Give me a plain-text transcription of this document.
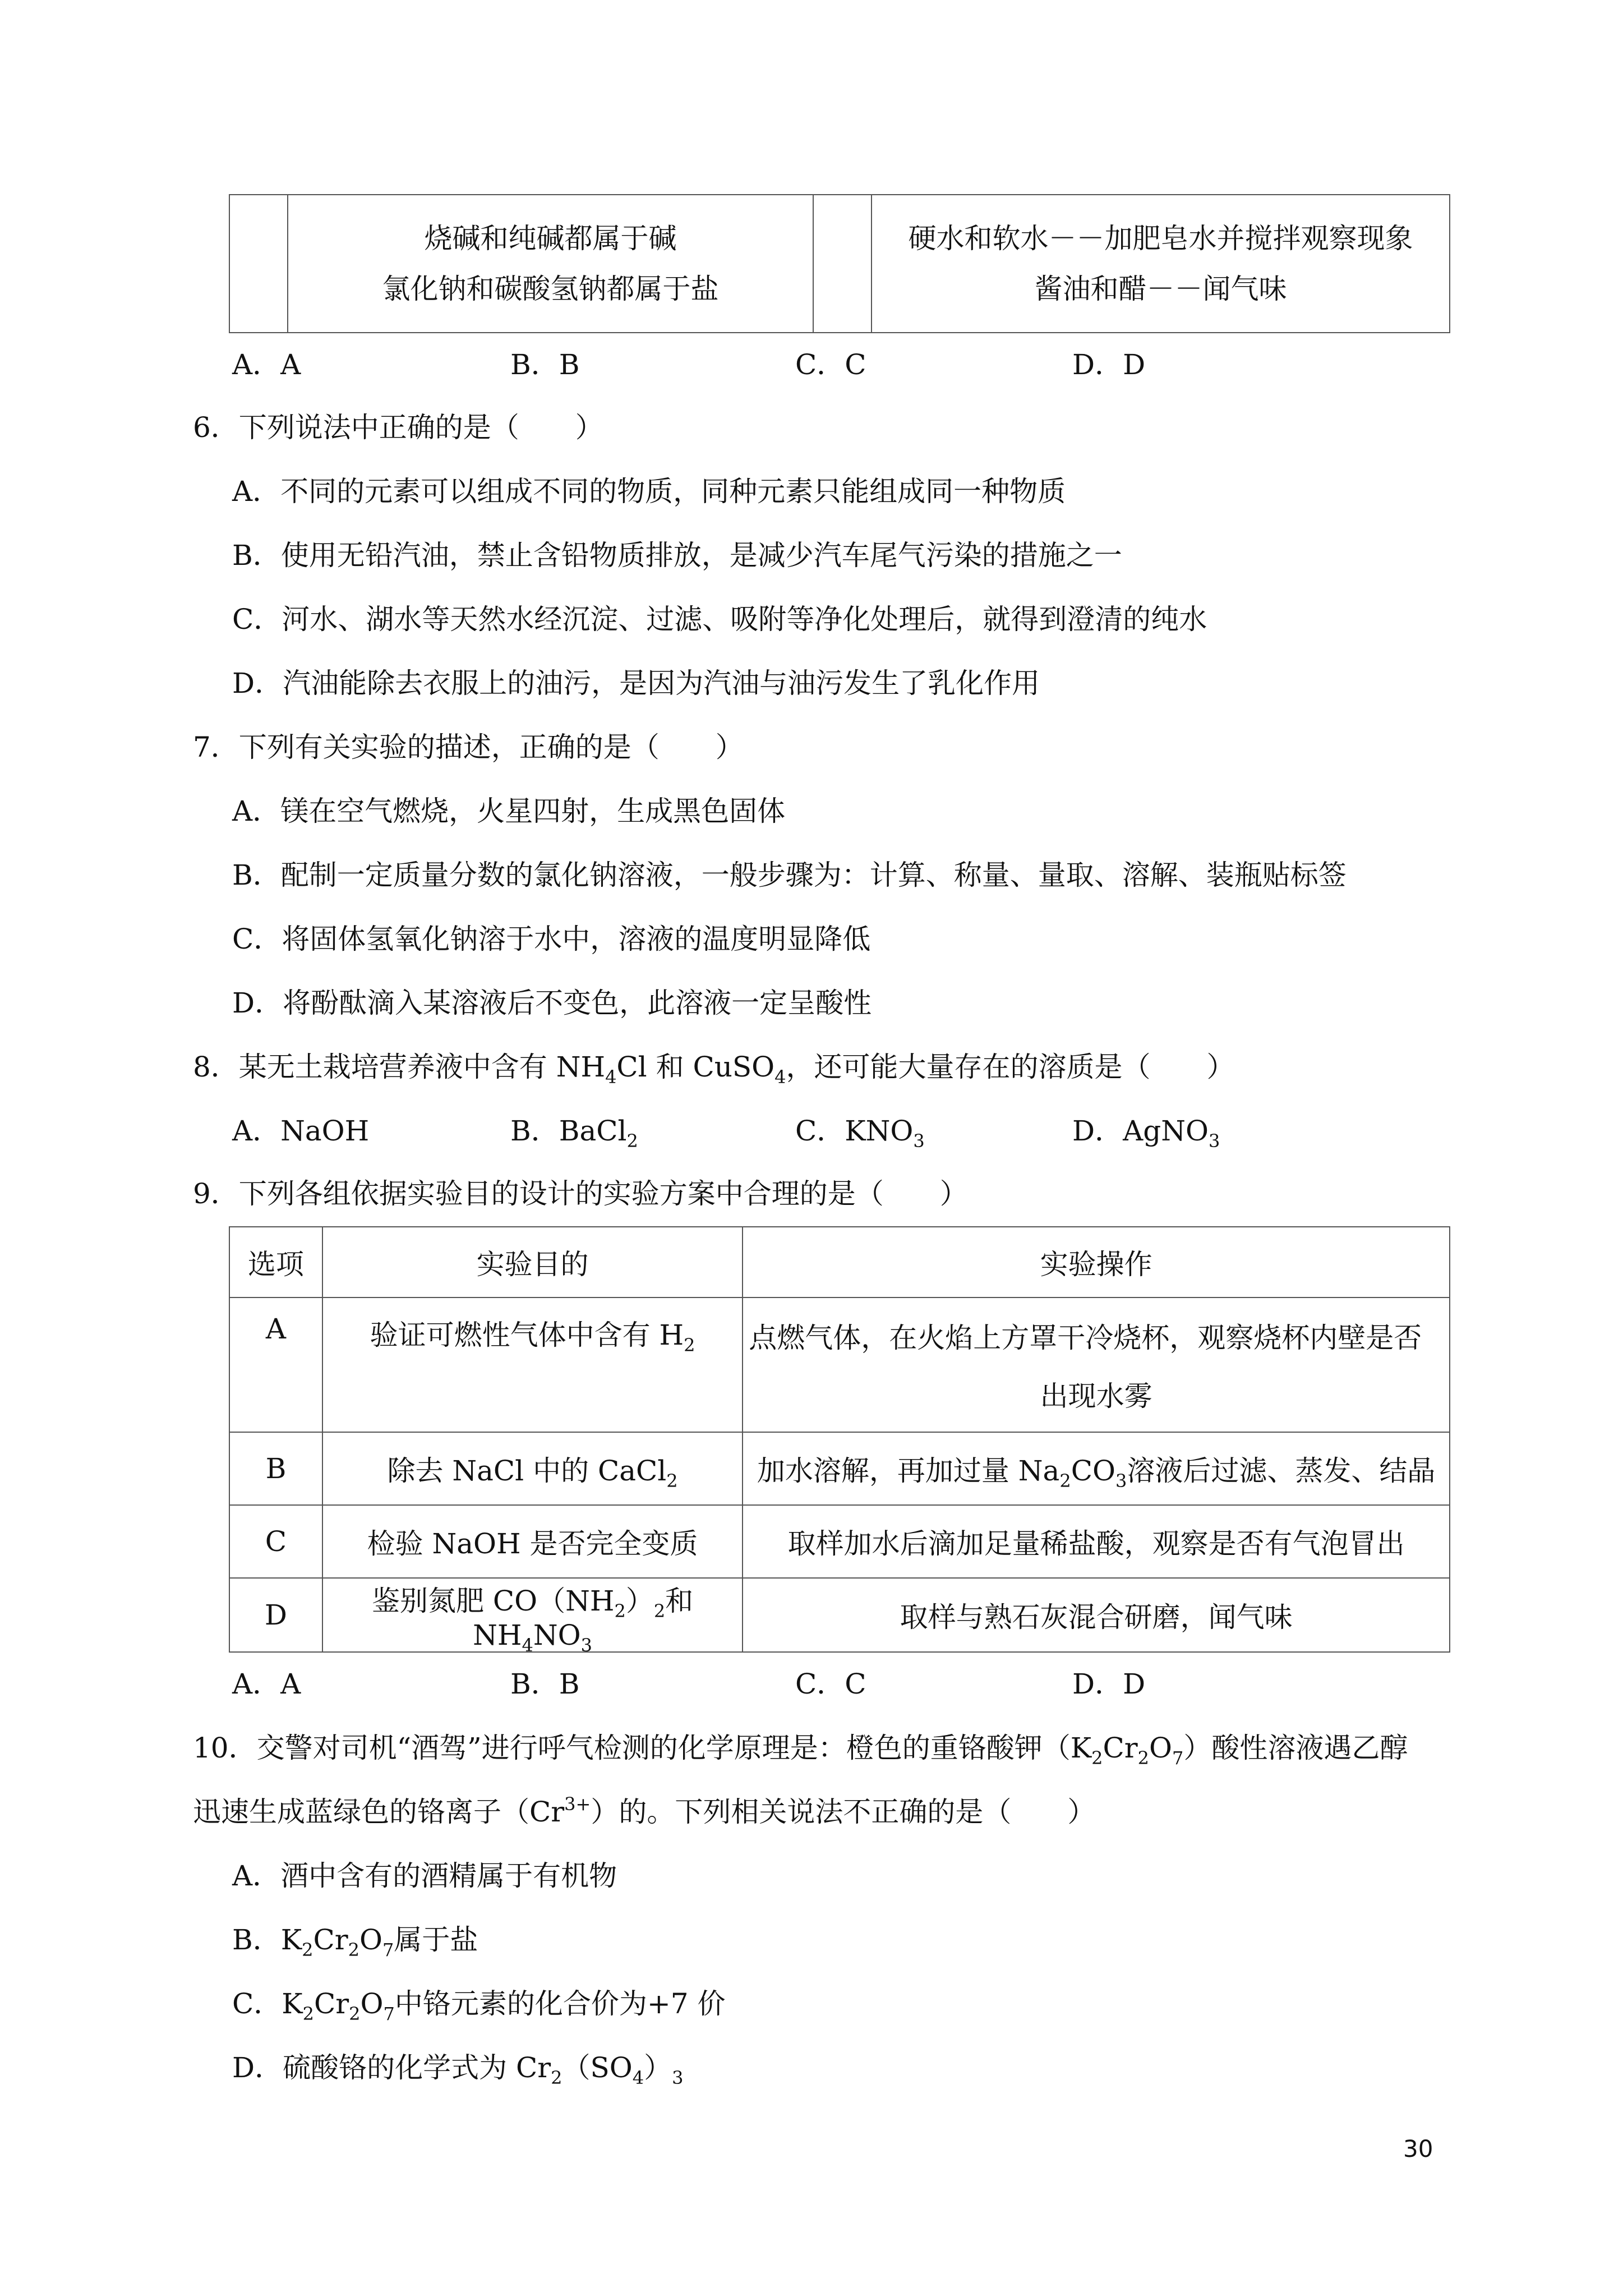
烧碱和纯碱都属于碱
氯化钠和碳酸氢钠都属于盐

硬水和软水－－加肥皂水并搅拌观察现象
酱油和醋－－闻气味
A．A	B．B	C．C	D．D
6．下列说法中正确的是（　　）
A．不同的元素可以组成不同的物质，同种元素只能组成同一种物质
B．使用无铅汽油，禁止含铅物质排放，是减少汽车尾气污染的措施之一
C．河水、湖水等天然水经沉淀、过滤、吸附等净化处理后，就得到澄清的纯水
D．汽油能除去衣服上的油污，是因为汽油与油污发生了乳化作用
7．下列有关实验的描述，正确的是（　　）
A．镁在空气燃烧，火星四射，生成黑色固体
B．配制一定质量分数的氯化钠溶液，一般步骤为：计算、称量、量取、溶解、装瓶贴标签
C．将固体氢氧化钠溶于水中，溶液的温度明显降低
D．将酚酞滴入某溶液后不变色，此溶液一定呈酸性
8．某无土栽培营养液中含有 $NH_4Cl$ 和 CuSO$_4$，还可能大量存在的溶质是（　　）
A．NaOH	B．BaCl$_2$	C．$KNO_3$	D．AgNO$_3$
9．下列各组依据实验目的设计的实验方案中合理的是（　　）
选项	实验目的	实验操作
A	验证可燃性气体中含有 $H_2$	点燃气体，在火焰上方罩干冷烧杯，观察烧杯内壁是否
出现水雾

B	除去 NaCl 中的 CaCl$_2$	加水溶解，再加过量 $Na_2CO_3$溶液后过滤、蒸发、结晶
C	检验 NaOH 是否完全变质	取样加水后滴加足量稀盐酸，观察是否有气泡冒出
D	鉴别氮肥 $CO(NH_2)_2$和 $NH_4NO_3$	取样与熟石灰混合研磨，闻气味
A．A	B．B	C．C	D．D
10．交警对司机“酒驾”进行呼气检测的化学原理是：橙色的重铬酸钾$(K_2Cr_2O_7)$酸性溶液遇乙醇
迅速生成蓝绿色的铬离子$(Cr^{3+})$的。下列相关说法不正确的是（　　）
A．酒中含有的酒精属于有机物
B．$K_2Cr_2O_7$属于盐
C．$K_2Cr_2O_7$中铬元素的化合价为+7 价
D．硫酸铬的化学式为 $Cr_2(SO_4)_3$
30
